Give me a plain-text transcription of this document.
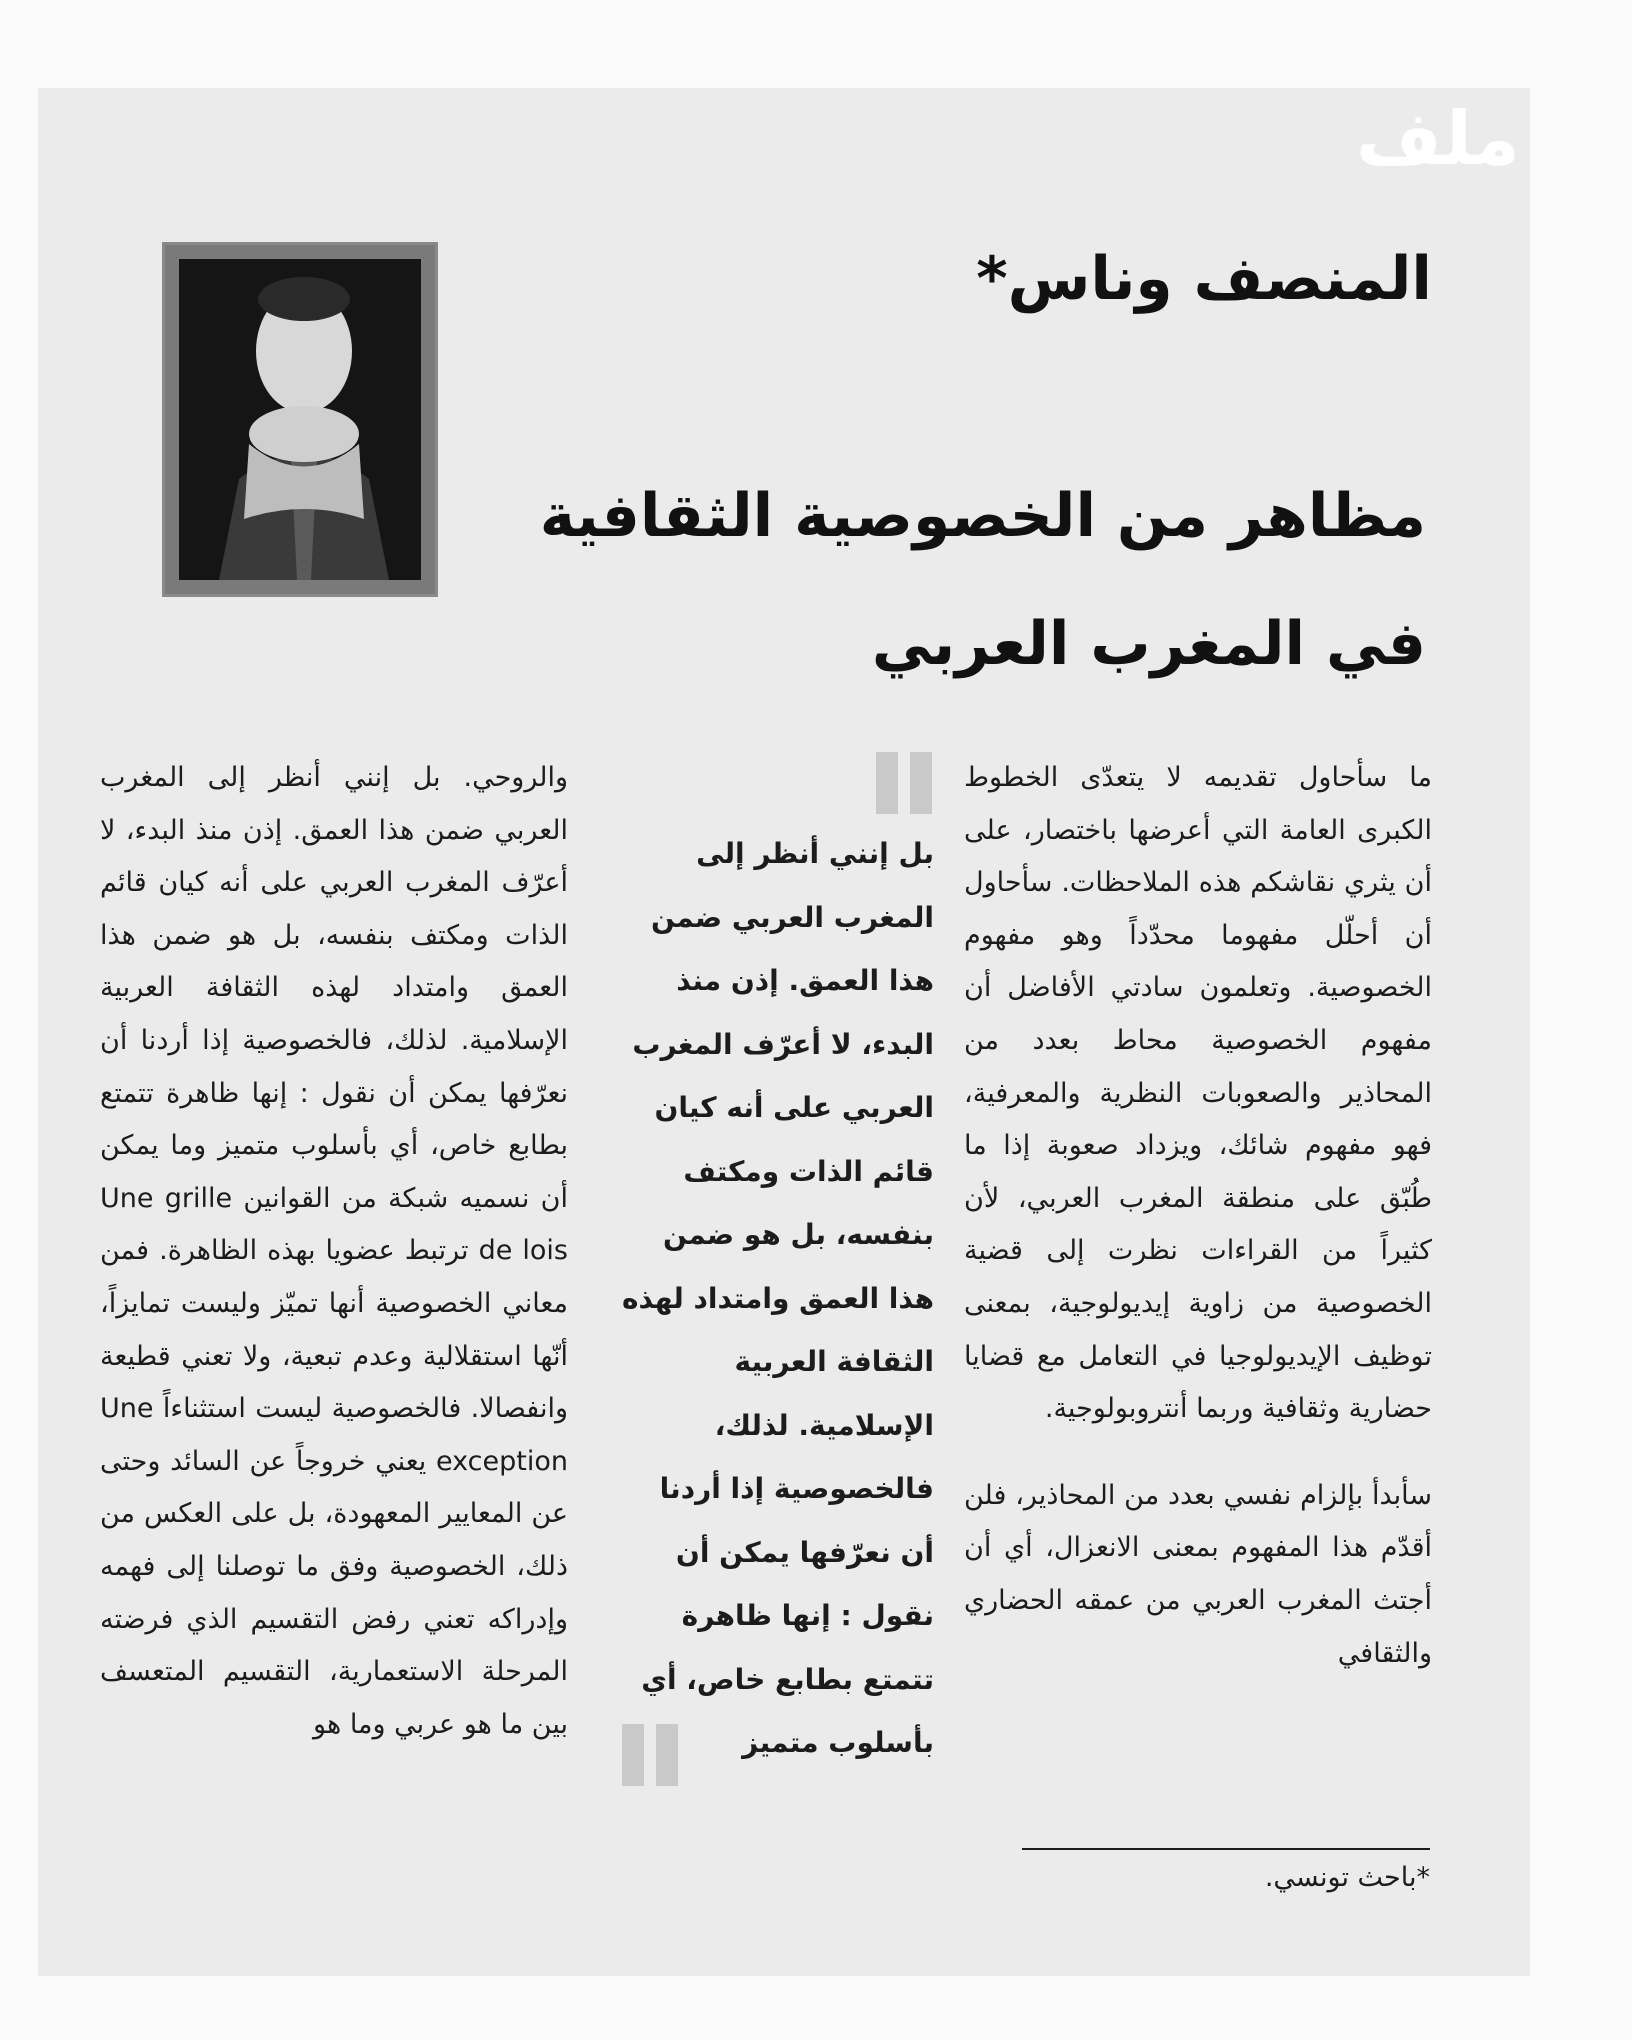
ملف
المنصف وناس*
مظاهر من الخصوصية الثقافية
في المغرب العربي

ما سأحاول تقديمه لا يتعدّى الخطوط الكبرى العامة التي أعرضها باختصار، على أن يثري نقاشكم هذه الملاحظات. سأحاول أن أحلّل مفهوما محدّداً وهو مفهوم الخصوصية. وتعلمون سادتي الأفاضل أن مفهوم الخصوصية محاط بعدد من المحاذير والصعوبات النظرية والمعرفية، فهو مفهوم شائك، ويزداد صعوبة إذا ما طُبّق على منطقة المغرب العربي، لأن كثيراً من القراءات نظرت إلى قضية الخصوصية من زاوية إيديولوجية، بمعنى توظيف الإيديولوجيا في التعامل مع قضايا حضارية وثقافية وربما أنتروبولوجية.

سأبدأ بإلزام نفسي بعدد من المحاذير، فلن أقدّم هذا المفهوم بمعنى الانعزال، أي أن أجتث المغرب العربي من عمقه الحضاري والثقافي

بل إنني أنظر إلى المغرب العربي ضمن هذا العمق. إذن منذ البدء، لا أعرّف المغرب العربي على أنه كيان قائم الذات ومكتف بنفسه، بل هو ضمن هذا العمق وامتداد لهذه الثقافة العربية الإسلامية. لذلك، فالخصوصية إذا أردنا أن نعرّفها يمكن أن نقول : إنها ظاهرة تتمتع بطابع خاص، أي بأسلوب متميز

والروحي. بل إنني أنظر إلى المغرب العربي ضمن هذا العمق. إذن منذ البدء، لا أعرّف المغرب العربي على أنه كيان قائم الذات ومكتف بنفسه، بل هو ضمن هذا العمق وامتداد لهذه الثقافة العربية الإسلامية. لذلك، فالخصوصية إذا أردنا أن نعرّفها يمكن أن نقول : إنها ظاهرة تتمتع بطابع خاص، أي بأسلوب متميز وما يمكن أن نسميه شبكة من القوانين Une grille de lois ترتبط عضويا بهذه الظاهرة. فمن معاني الخصوصية أنها تميّز وليست تمايزاً، أنّها استقلالية وعدم تبعية، ولا تعني قطيعة وانفصالا. فالخصوصية ليست استثناءاً Une exception يعني خروجاً عن السائد وحتى عن المعايير المعهودة، بل على العكس من ذلك، الخصوصية وفق ما توصلنا إلى فهمه وإدراكه تعني رفض التقسيم الذي فرضته المرحلة الاستعمارية، التقسيم المتعسف بين ما هو عربي وما هو

*باحث تونسي.
